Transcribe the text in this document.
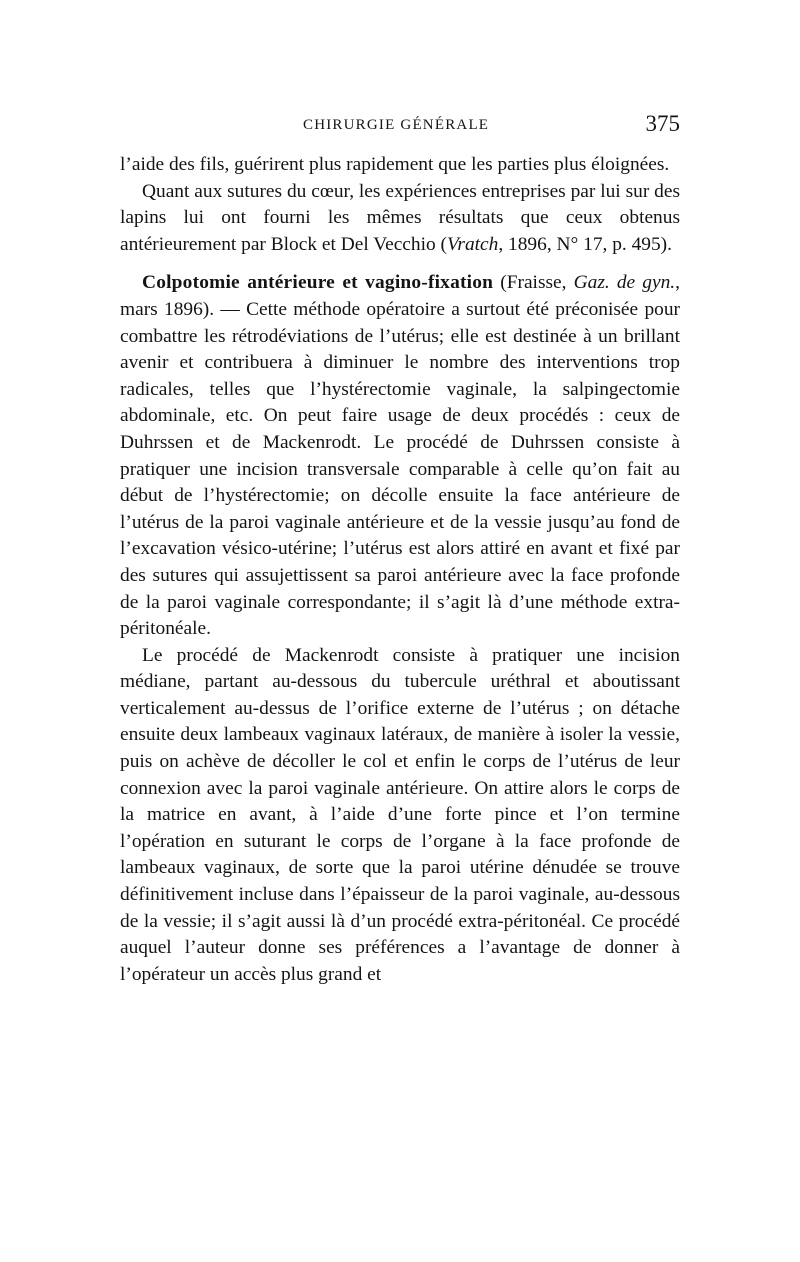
CHIRURGIE GÉNÉRALE	375

l’aide des fils, guérirent plus rapidement que les parties plus éloignées.

Quant aux sutures du cœur, les expériences entreprises par lui sur des lapins lui ont fourni les mêmes résultats que ceux obtenus antérieurement par Block et Del Vecchio (Vratch, 1896, N° 17, p. 495).

Colpotomie antérieure et vagino-fixation (Fraisse, Gaz. de gyn., mars 1896). — Cette méthode opératoire a surtout été préconisée pour combattre les rétrodéviations de l’utérus; elle est destinée à un brillant avenir et contribuera à diminuer le nombre des interventions trop radicales, telles que l’hystérectomie vaginale, la salpingectomie abdominale, etc. On peut faire usage de deux procédés : ceux de Duhrssen et de Mackenrodt. Le procédé de Duhrssen consiste à pratiquer une incision transversale comparable à celle qu’on fait au début de l’hystérectomie; on décolle ensuite la face antérieure de l’utérus de la paroi vaginale antérieure et de la vessie jusqu’au fond de l’excavation vésico-utérine; l’utérus est alors attiré en avant et fixé par des sutures qui assujettissent sa paroi antérieure avec la face profonde de la paroi vaginale correspondante; il s’agit là d’une méthode extra-péritonéale.

Le procédé de Mackenrodt consiste à pratiquer une incision médiane, partant au-dessous du tubercule uréthral et aboutissant verticalement au-dessus de l’orifice externe de l’utérus ; on détache ensuite deux lambeaux vaginaux latéraux, de manière à isoler la vessie, puis on achève de décoller le col et enfin le corps de l’utérus de leur connexion avec la paroi vaginale antérieure. On attire alors le corps de la matrice en avant, à l’aide d’une forte pince et l’on termine l’opération en suturant le corps de l’organe à la face profonde de lambeaux vaginaux, de sorte que la paroi utérine dénudée se trouve définitivement incluse dans l’épaisseur de la paroi vaginale, au-dessous de la vessie; il s’agit aussi là d’un procédé extra-péritonéal. Ce procédé auquel l’auteur donne ses préférences a l’avantage de donner à l’opérateur un accès plus grand et
